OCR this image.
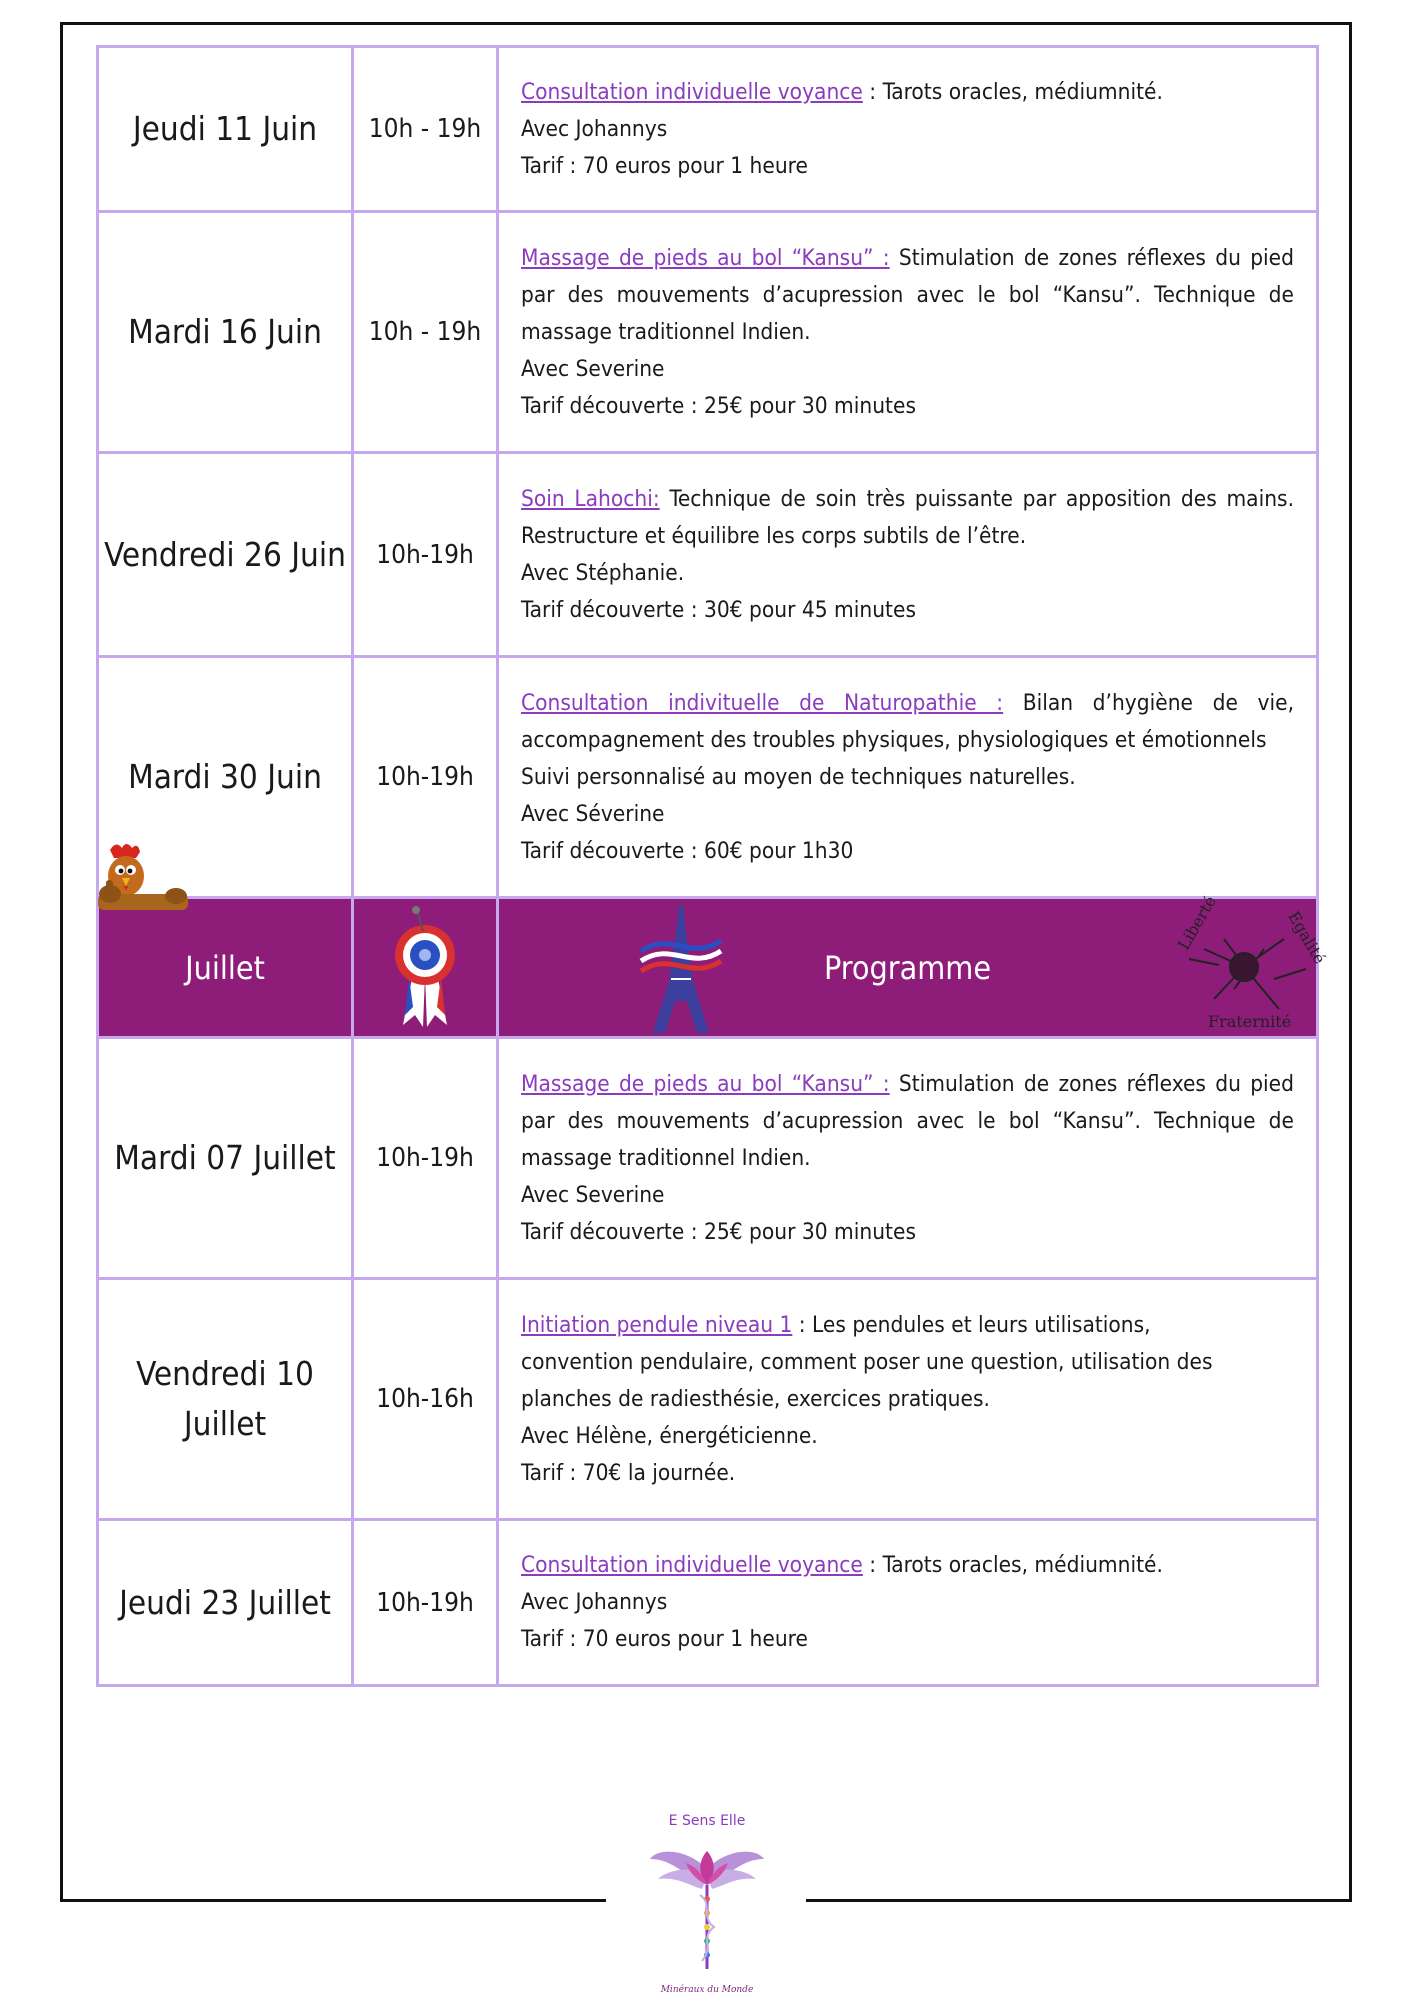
Jeudi 11 Juin	10h - 19h	Consultation individuelle voyance : Tarots oracles, médiumnité.
Avec Johannys
Tarif : 70 euros pour 1 heure

Mardi 16 Juin	10h - 19h	Massage de pieds au bol “Kansu” : Stimulation de zones réflexes du pied par des mouvements d’acupression avec le bol “Kansu”. Technique de massage traditionnel Indien.
Avec Severine
Tarif découverte : 25€ pour 30 minutes

Vendredi 26 Juin	10h-19h	Soin Lahochi: Technique de soin très puissante par apposition des mains. Restructure et équilibre les corps subtils de l’être.
Avec Stéphanie.
Tarif découverte : 30€ pour 45 minutes

Mardi 30 Juin	10h-19h	Consultation indivituelle de Naturopathie : Bilan d’hygiène de vie, accompagnement des troubles physiques, physiologiques et émotionnels
Suivi personnalisé au moyen de techniques naturelles.
Avec Séverine
Tarif découverte : 60€ pour 1h30

Juillet		Programme
Liberté Egalité
Fraternité

Mardi 07 Juillet	10h-19h	Massage de pieds au bol “Kansu” : Stimulation de zones réflexes du pied par des mouvements d’acupression avec le bol “Kansu”. Technique de massage traditionnel Indien.
Avec Severine
Tarif découverte : 25€ pour 30 minutes

Vendredi 10 Juillet	10h-16h	Initiation pendule niveau 1 : Les pendules et leurs utilisations,
convention pendulaire, comment poser une question, utilisation des
planches de radiesthésie, exercices pratiques.
Avec Hélène, énergéticienne.
Tarif : 70€ la journée.

Jeudi 23 Juillet	10h-19h	Consultation individuelle voyance : Tarots oracles, médiumnité.
Avec Johannys
Tarif : 70 euros pour 1 heure
E Sens Elle
Minéraux du Monde
